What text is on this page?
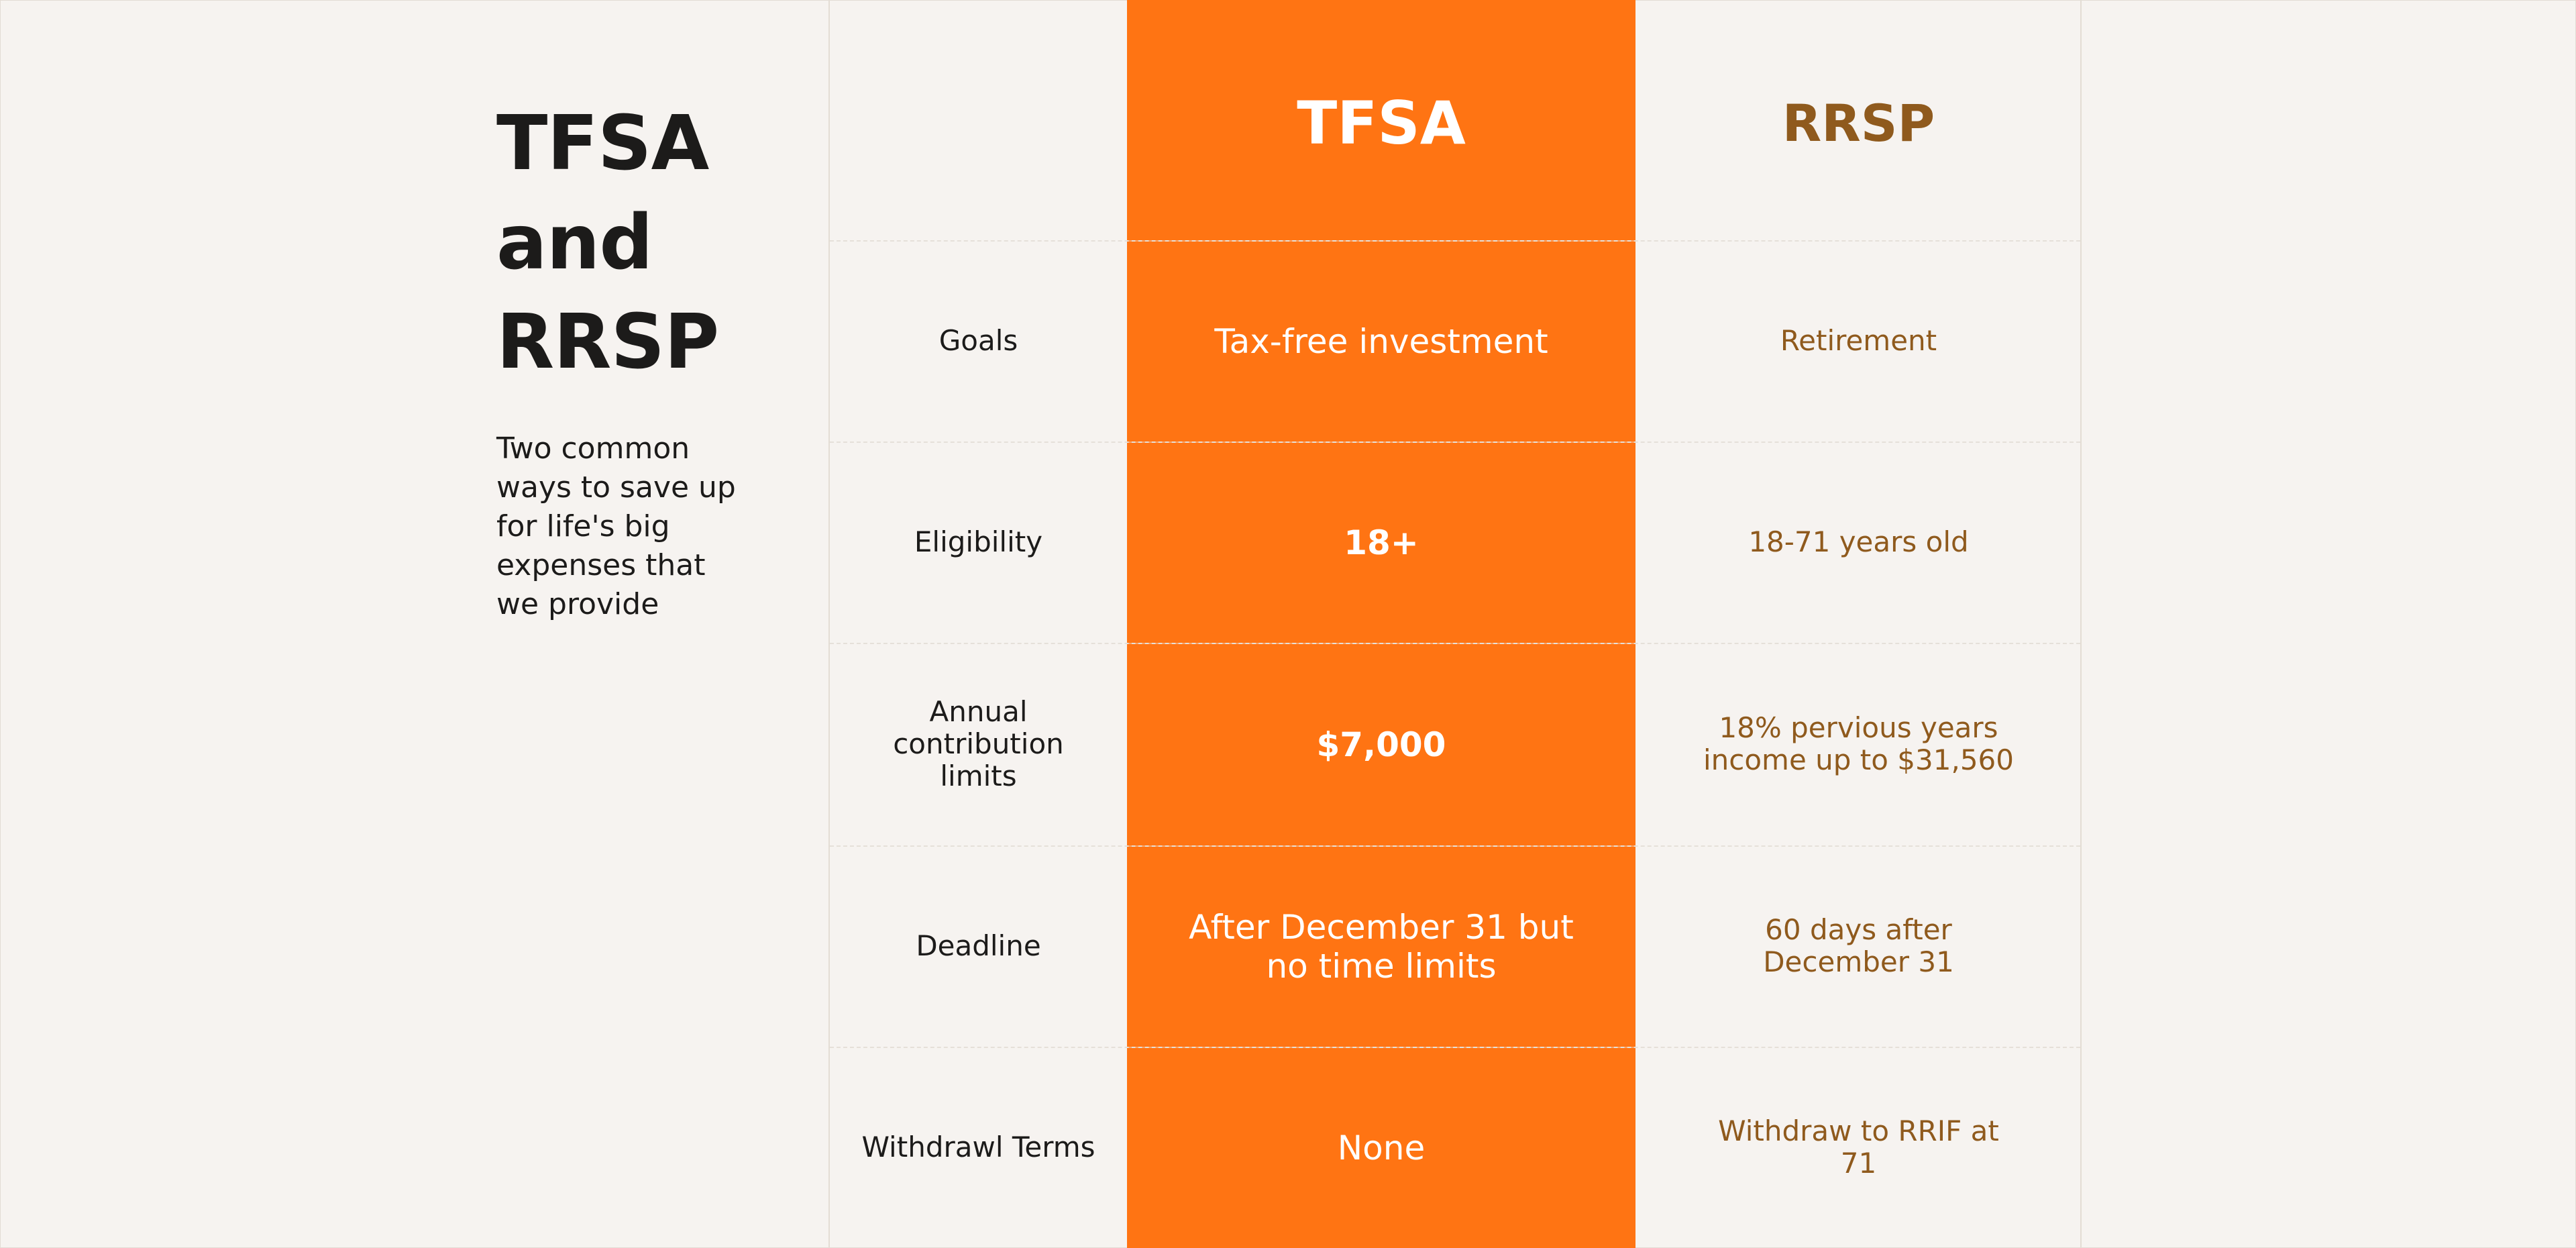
TFSA
and
RRSP
Two common ways to save up for life's big expenses that we provide
Goals
Eligibility
Annual contribution limits
Deadline
Withdrawl Terms
TFSA
Tax-free investment
18+
$7,000
After December 31 but no time limits
None
RRSP
Retirement
18-71 years old
18% pervious years income up to $31,560
60 days after December 31
Withdraw to RRIF at 71
